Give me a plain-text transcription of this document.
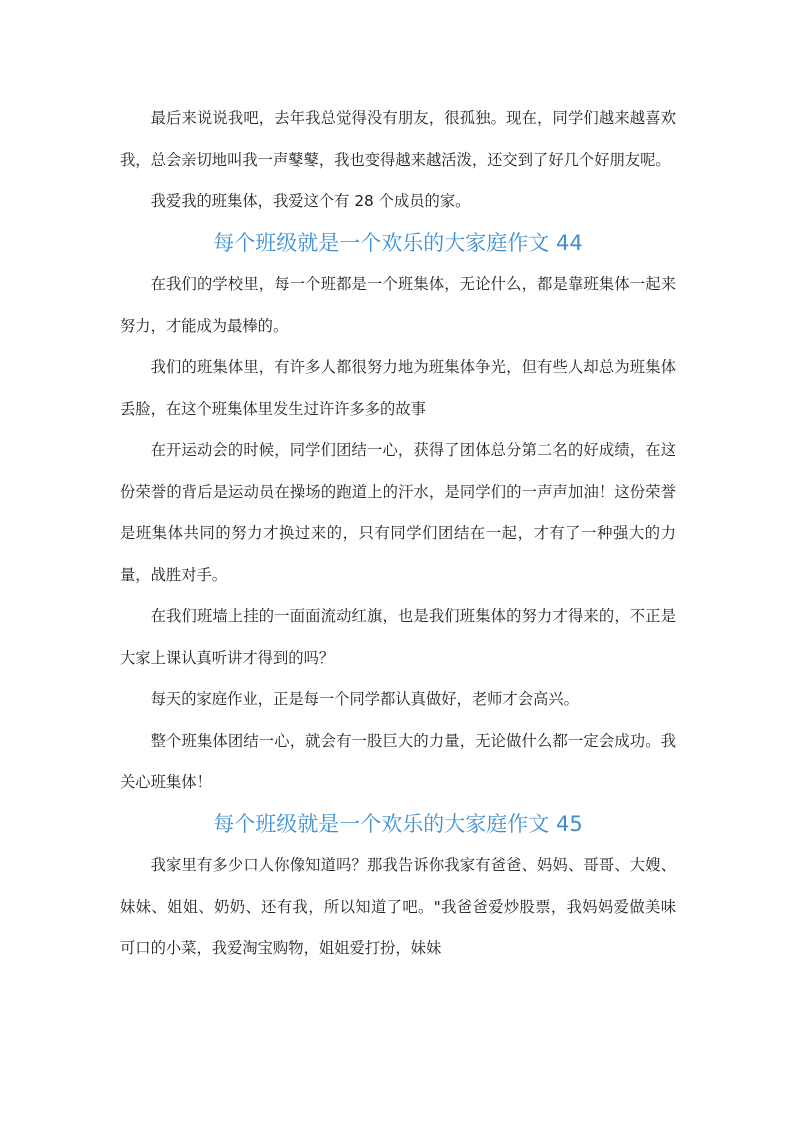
最后来说说我吧，去年我总觉得没有朋友，很孤独。现在，同学们越来越喜欢我，总会亲切地叫我一声鼕鼕，我也变得越来越活泼，还交到了好几个好朋友呢。

我爱我的班集体，我爱这个有 28 个成员的家。

每个班级就是一个欢乐的大家庭作文 44

在我们的学校里，每一个班都是一个班集体，无论什么，都是靠班集体一起来努力，才能成为最棒的。

我们的班集体里，有许多人都很努力地为班集体争光，但有些人却总为班集体丢脸，在这个班集体里发生过许许多多的故事

在开运动会的时候，同学们团结一心，获得了团体总分第二名的好成绩，在这份荣誉的背后是运动员在操场的跑道上的汗水，是同学们的一声声加油！这份荣誉是班集体共同的努力才换过来的，只有同学们团结在一起，才有了一种强大的力量，战胜对手。

在我们班墙上挂的一面面流动红旗，也是我们班集体的努力才得来的，不正是大家上课认真听讲才得到的吗？

每天的家庭作业，正是每一个同学都认真做好，老师才会高兴。

整个班集体团结一心，就会有一股巨大的力量，无论做什么都一定会成功。我关心班集体！

每个班级就是一个欢乐的大家庭作文 45

我家里有多少口人你像知道吗？那我告诉你我家有爸爸、妈妈、哥哥、大嫂、妹妹、姐姐、奶奶、还有我，所以知道了吧。"我爸爸爱炒股票，我妈妈爱做美味可口的小菜，我爱淘宝购物，姐姐爱打扮，妹妹
